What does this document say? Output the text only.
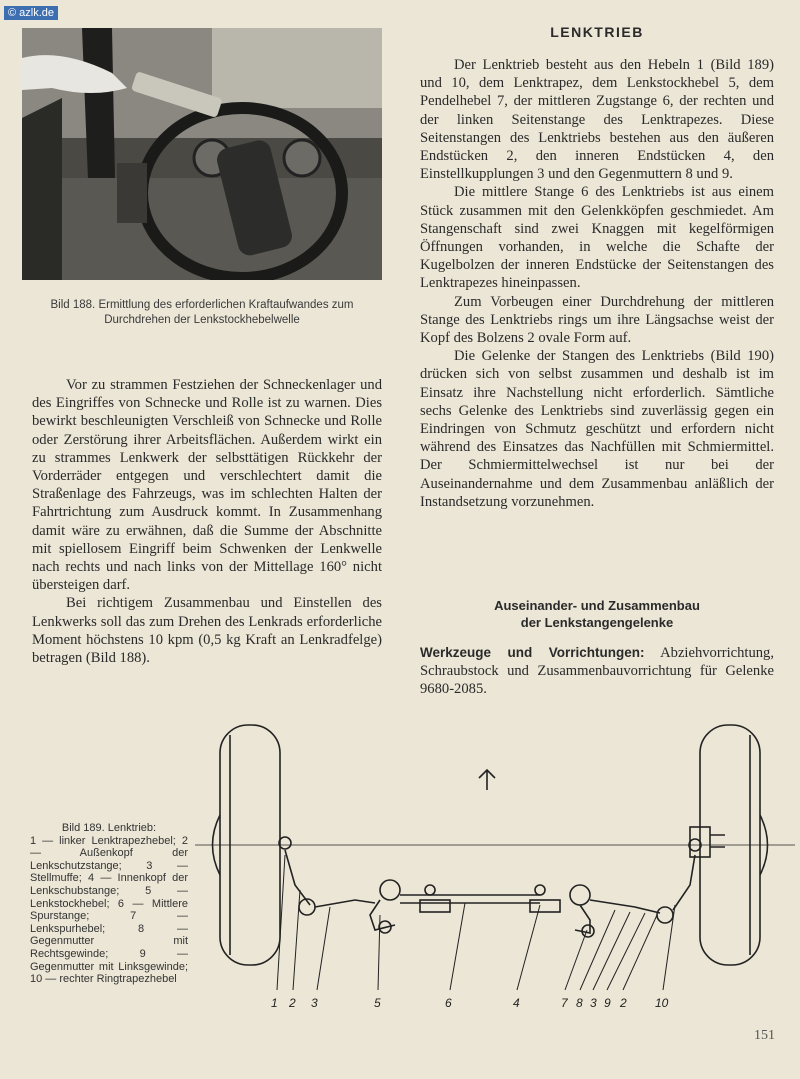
© azlk.de
Bild 188. Ermittlung des erforderlichen Kraftaufwandes zum Durchdrehen der Lenkstockhebelwelle

Vor zu strammen Festziehen der Schneckenlager und des Eingriffes von Schnecke und Rolle ist zu warnen. Dies bewirkt beschleunigten Verschleiß von Schnecke und Rolle oder Zerstörung ihrer Arbeitsflächen. Außerdem wirkt ein zu strammes Lenkwerk der selbsttätigen Rückkehr der Vorderräder entgegen und verschlechtert damit die Straßenlage des Fahrzeugs, was im schlechten Halten der Fahrtrichtung zum Ausdruck kommt. In Zusammenhang damit wäre zu erwähnen, daß die Summe der Abschnitte mit spiellosem Eingriff beim Schwenken der Lenkwelle nach rechts und nach links von der Mittellage 160° nicht übersteigen darf.

Bei richtigem Zusammenbau und Einstellen des Lenkwerks soll das zum Drehen des Lenkrads erforderliche Moment höchstens 10 kpm (0,5 kg Kraft an Lenkradfelge) betragen (Bild 188).

LENKTRIEB

Der Lenktrieb besteht aus den Hebeln 1 (Bild 189) und 10, dem Lenktrapez, dem Lenkstockhebel 5, dem Pendelhebel 7, der mittleren Zugstange 6, der rechten und der linken Seitenstange des Lenktrapezes. Diese Seitenstangen des Lenktriebs bestehen aus den äußeren Endstücken 2, den inneren Endstücken 4, den Einstellkupplungen 3 und den Gegenmuttern 8 und 9.

Die mittlere Stange 6 des Lenktriebs ist aus einem Stück zusammen mit den Gelenkköpfen geschmiedet. Am Stangenschaft sind zwei Knaggen mit kegelförmigen Öffnungen vorhanden, in welche die Schafte der Kugelbolzen der inneren Endstücke der Seitenstangen des Lenktrapezes hineinpassen.

Zum Vorbeugen einer Durchdrehung der mittleren Stange des Lenktriebs rings um ihre Längsachse weist der Kopf des Bolzens 2 ovale Form auf.

Die Gelenke der Stangen des Lenktriebs (Bild 190) drücken sich von selbst zusammen und deshalb ist im Einsatz ihre Nachstellung nicht erforderlich. Sämtliche sechs Gelenke des Lenktriebs sind zuverlässig gegen ein Eindringen von Schmutz geschützt und erfordern nicht während des Einsatzes das Nachfüllen mit Schmiermittel. Der Schmiermittelwechsel ist nur bei der Auseinandernahme und dem Zusammenbau anläßlich der Instandsetzung vorzunehmen.

Auseinander- und Zusammenbau
der Lenkstangengelenke
Werkzeuge und Vorrichtungen: Abziehvorrichtung, Schraubstock und Zusammenbauvorrichtung für Gelenke 9680-2085.
Bild 189. Lenktrieb:
1 — linker Lenktrapezhebel; 2 — Außenkopf der Lenkschutzstange; 3 — Stellmuffe; 4 — Innenkopf der Lenkschubstange; 5 — Lenkstockhebel; 6 — Mittlere Spurstange; 7 — Lenkspurhebel; 8 — Gegenmutter mit Rechtsgewinde; 9 — Gegenmutter mit Linksgewinde; 10 — rechter Ringtrapezhebel
1 2 3	5	6	4	7 8 3 9 2 10
151
